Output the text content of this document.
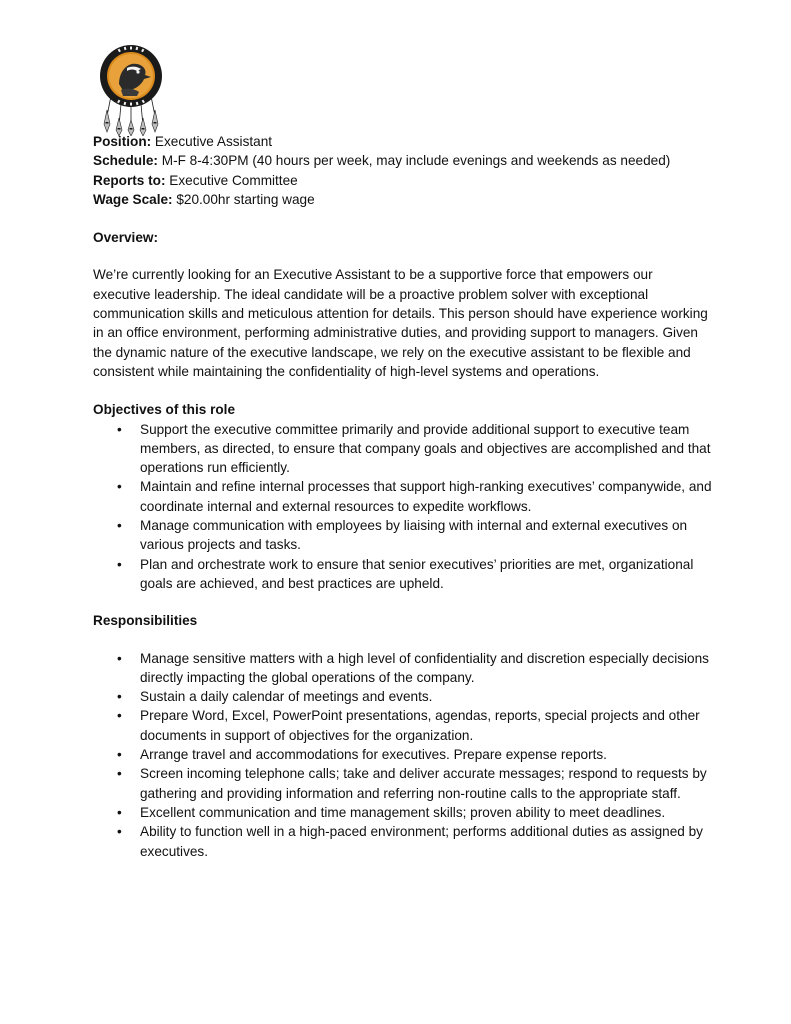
Position: Executive Assistant

Schedule: M-F 8-4:30PM (40 hours per week, may include evenings and weekends as needed)

Reports to: Executive Committee

Wage Scale: $20.00hr starting wage

Overview:

We’re currently looking for an Executive Assistant to be a supportive force that empowers our executive leadership. The ideal candidate will be a proactive problem solver with exceptional communication skills and meticulous attention for details. This person should have experience working in an office environment, performing administrative duties, and providing support to managers. Given the dynamic nature of the executive landscape, we rely on the executive assistant to be flexible and consistent while maintaining the confidentiality of high-level systems and operations.

Objectives of this role

• Support the executive committee primarily and provide additional support to executive team members, as directed, to ensure that company goals and objectives are accomplished and that operations run efficiently.
• Maintain and refine internal processes that support high-ranking executives’ companywide, and coordinate internal and external resources to expedite workflows.
• Manage communication with employees by liaising with internal and external executives on various projects and tasks.
• Plan and orchestrate work to ensure that senior executives’ priorities are met, organizational goals are achieved, and best practices are upheld.

Responsibilities

• Manage sensitive matters with a high level of confidentiality and discretion especially decisions directly impacting the global operations of the company.
• Sustain a daily calendar of meetings and events.
• Prepare Word, Excel, PowerPoint presentations, agendas, reports, special projects and other documents in support of objectives for the organization.
• Arrange travel and accommodations for executives. Prepare expense reports.
• Screen incoming telephone calls; take and deliver accurate messages; respond to requests by gathering and providing information and referring non-routine calls to the appropriate staff.
• Excellent communication and time management skills; proven ability to meet deadlines.
• Ability to function well in a high-paced environment; performs additional duties as assigned by executives.
